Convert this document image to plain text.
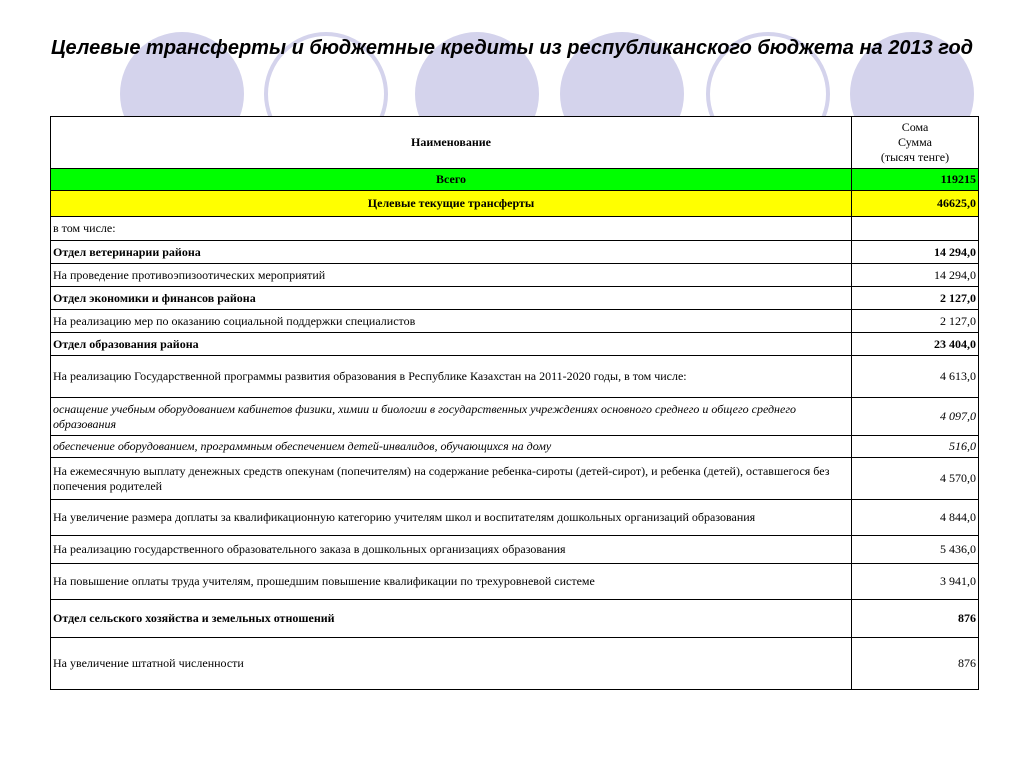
Целевые трансферты и бюджетные кредиты из республиканского бюджета на 2013 год
Наименование	Сома
Сумма
(тысяч тенге)

Всего	119215
Целевые текущие трансферты	46625,0
в том числе:	
Отдел ветеринарии района	14 294,0
На проведение противоэпизоотических мероприятий	14 294,0
Отдел экономики и финансов района	2 127,0
На реализацию мер по оказанию социальной поддержки специалистов	2 127,0
Отдел образования района	23 404,0
На реализацию Государственной программы развития образования в Республике Казахстан на 2011-2020 годы, в том числе:	4 613,0
оснащение учебным оборудованием кабинетов физики, химии и биологии в государственных учреждениях основного среднего и общего среднего образования	4 097,0
обеспечение оборудованием, программным обеспечением детей-инвалидов, обучающихся на дому	516,0
На ежемесячную выплату денежных средств опекунам (попечителям) на содержание ребенка-сироты (детей-сирот), и ребенка (детей), оставшегося без попечения родителей	4 570,0
На увеличение размера доплаты за квалификационную категорию учителям школ и воспитателям дошкольных организаций образования	4 844,0
На реализацию государственного образовательного заказа в дошкольных организациях образования	5 436,0
На повышение оплаты труда учителям, прошедшим повышение квалификации по трехуровневой системе	3 941,0
Отдел сельского хозяйства и земельных отношений	876
На увеличение штатной численности	876
